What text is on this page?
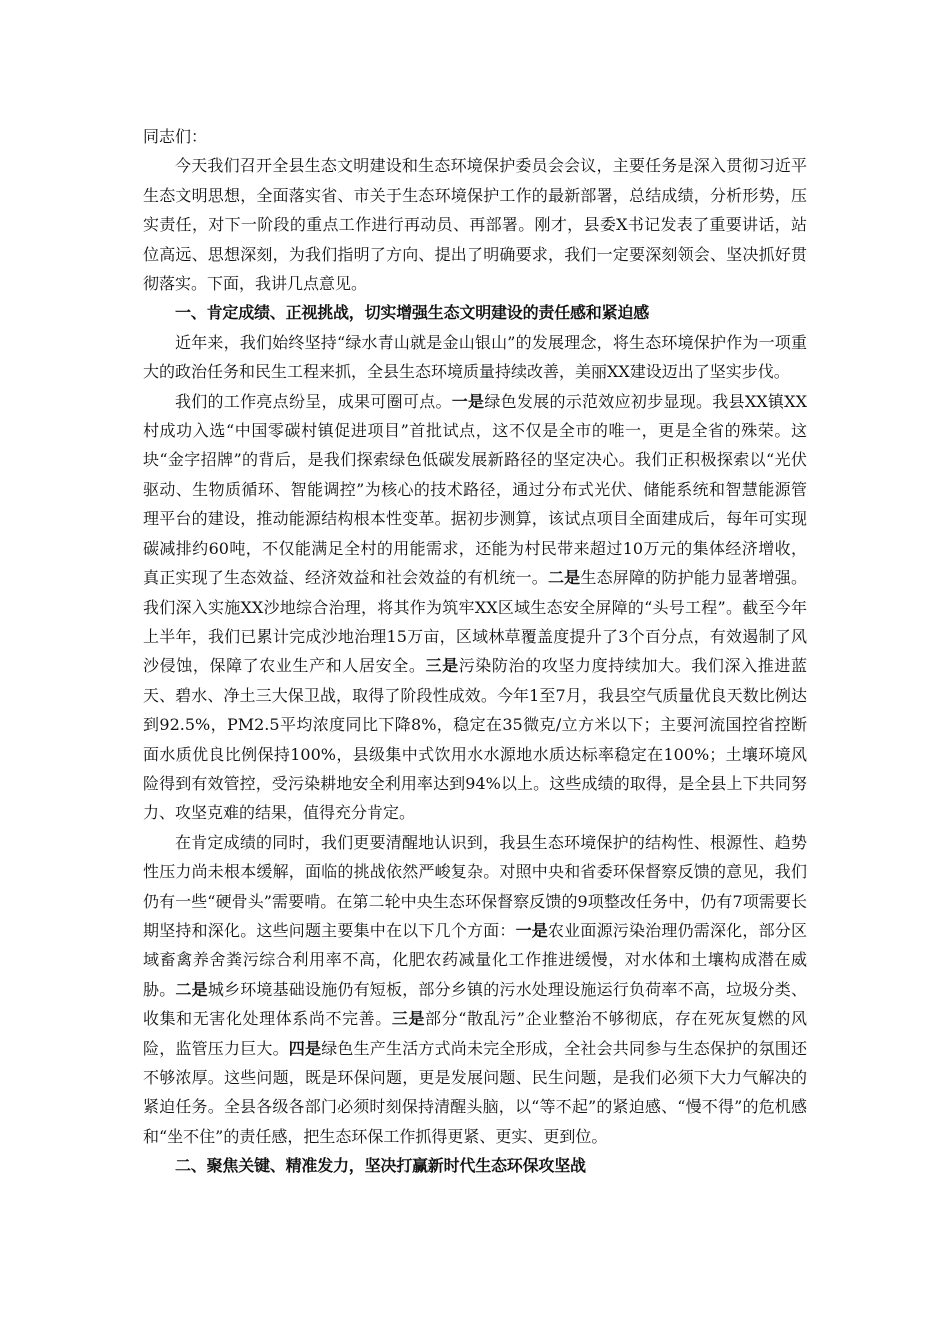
同志们：

今天我们召开全县生态文明建设和生态环境保护委员会会议，主要任务是深入贯彻习近平生态文明思想，全面落实省、市关于生态环境保护工作的最新部署，总结成绩，分析形势，压实责任，对下一阶段的重点工作进行再动员、再部署。刚才，县委X书记发表了重要讲话，站位高远、思想深刻，为我们指明了方向、提出了明确要求，我们一定要深刻领会、坚决抓好贯彻落实。下面，我讲几点意见。

一、肯定成绩、正视挑战，切实增强生态文明建设的责任感和紧迫感

近年来，我们始终坚持“绿水青山就是金山银山”的发展理念，将生态环境保护作为一项重大的政治任务和民生工程来抓，全县生态环境质量持续改善，美丽XX建设迈出了坚实步伐。

我们的工作亮点纷呈，成果可圈可点。一是绿色发展的示范效应初步显现。我县XX镇XX村成功入选“中国零碳村镇促进项目”首批试点，这不仅是全市的唯一，更是全省的殊荣。这块“金字招牌”的背后，是我们探索绿色低碳发展新路径的坚定决心。我们正积极探索以“光伏驱动、生物质循环、智能调控”为核心的技术路径，通过分布式光伏、储能系统和智慧能源管理平台的建设，推动能源结构根本性变革。据初步测算，该试点项目全面建成后，每年可实现碳减排约60吨，不仅能满足全村的用能需求，还能为村民带来超过10万元的集体经济增收，真正实现了生态效益、经济效益和社会效益的有机统一。二是生态屏障的防护能力显著增强。我们深入实施XX沙地综合治理，将其作为筑牢XX区域生态安全屏障的“头号工程”。截至今年上半年，我们已累计完成沙地治理15万亩，区域林草覆盖度提升了3个百分点，有效遏制了风沙侵蚀，保障了农业生产和人居安全。三是污染防治的攻坚力度持续加大。我们深入推进蓝天、碧水、净土三大保卫战，取得了阶段性成效。今年1至7月，我县空气质量优良天数比例达到92.5%，PM2.5平均浓度同比下降8%，稳定在35微克/立方米以下；主要河流国控省控断面水质优良比例保持100%，县级集中式饮用水水源地水质达标率稳定在100%；土壤环境风险得到有效管控，受污染耕地安全利用率达到94%以上。这些成绩的取得，是全县上下共同努力、攻坚克难的结果，值得充分肯定。

在肯定成绩的同时，我们更要清醒地认识到，我县生态环境保护的结构性、根源性、趋势性压力尚未根本缓解，面临的挑战依然严峻复杂。对照中央和省委环保督察反馈的意见，我们仍有一些“硬骨头”需要啃。在第二轮中央生态环保督察反馈的9项整改任务中，仍有7项需要长期坚持和深化。这些问题主要集中在以下几个方面：一是农业面源污染治理仍需深化，部分区域畜禽养舍粪污综合利用率不高，化肥农药减量化工作推进缓慢，对水体和土壤构成潜在威胁。二是城乡环境基础设施仍有短板，部分乡镇的污水处理设施运行负荷率不高，垃圾分类、收集和无害化处理体系尚不完善。三是部分“散乱污”企业整治不够彻底，存在死灰复燃的风险，监管压力巨大。四是绿色生产生活方式尚未完全形成，全社会共同参与生态保护的氛围还不够浓厚。这些问题，既是环保问题，更是发展问题、民生问题，是我们必须下大力气解决的紧迫任务。全县各级各部门必须时刻保持清醒头脑，以“等不起”的紧迫感、“慢不得”的危机感和“坐不住”的责任感，把生态环保工作抓得更紧、更实、更到位。

二、聚焦关键、精准发力，坚决打赢新时代生态环保攻坚战
